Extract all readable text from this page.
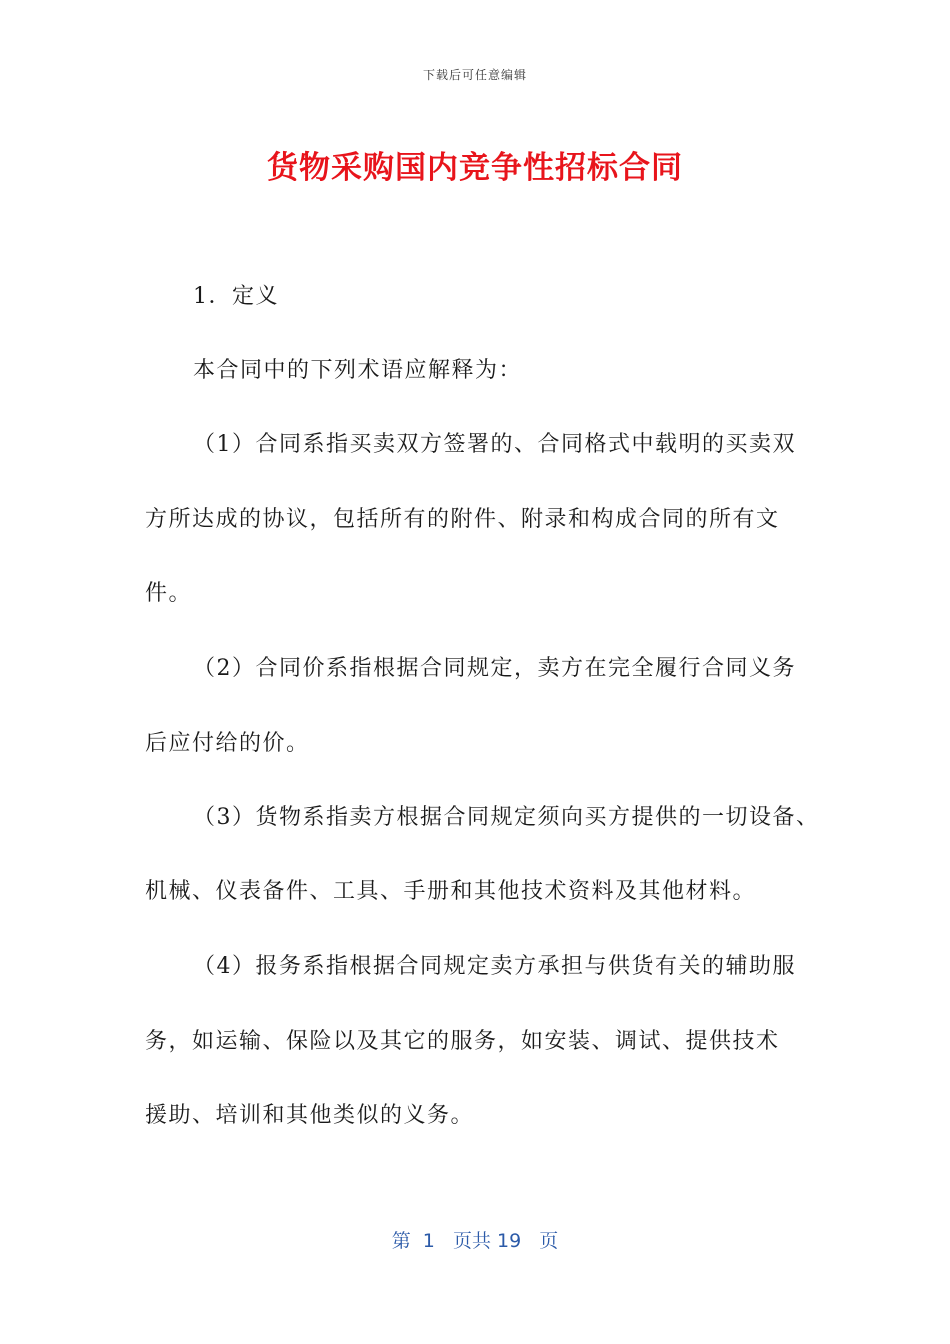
下载后可任意编辑
货物采购国内竞争性招标合同
1．定义
本合同中的下列术语应解释为：
（1）合同系指买卖双方签署的、合同格式中载明的买卖双
方所达成的协议，包括所有的附件、附录和构成合同的所有文
件。
（2）合同价系指根据合同规定，卖方在完全履行合同义务
后应付给的价。
（3）货物系指卖方根据合同规定须向买方提供的一切设备、
机械、仪表备件、工具、手册和其他技术资料及其他材料。
（4）报务系指根据合同规定卖方承担与供货有关的辅助服
务，如运输、保险以及其它的服务，如安装、调试、提供技术
援助、培训和其他类似的义务。
第  1   页共 19   页
